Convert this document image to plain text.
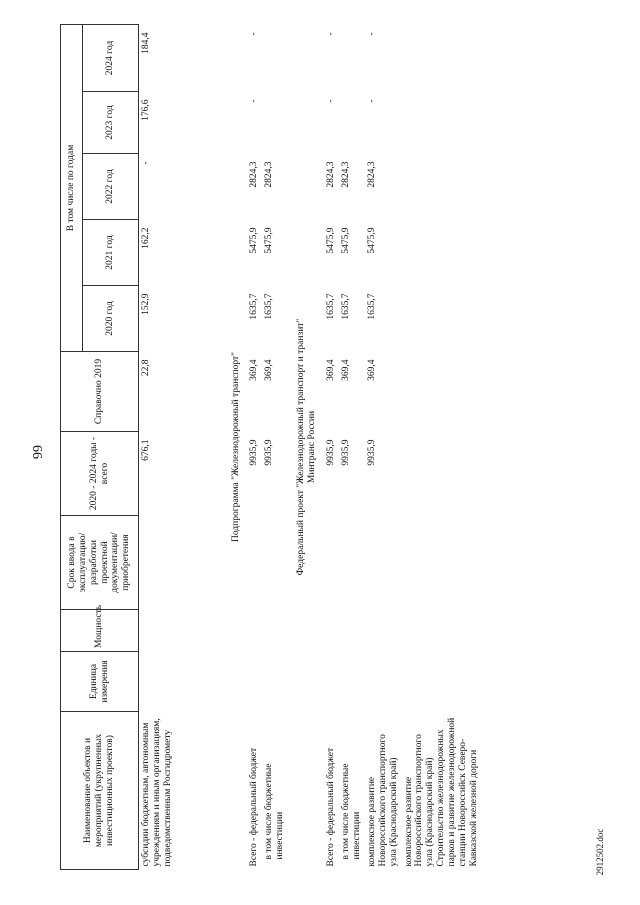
66
2912502.doc
Наименование объектов и мероприятий (укрупненных инвестиционных проектов)	Единица измерения	Мощность	Срок ввода в эксплуатацию/ разработки проектной документации/ приобретения	2020 - 2024 годы - всего	Справочно 2019	В том числе по годам				
						2020 год	2021 год	2022 год	2023 год	2024 год
субсидии бюджетным, автономным учреждениям и иным организациям, подведомственным Росгидромету				676,1	22,8	152,9	162,2	-	176,6	184,4
Подпрограмма "Железнодорожный транспорт"										
Всего - федеральный бюджет				9935,9	369,4	1635,7	5475,9	2824,3	-	-
в том числе бюджетные инвестиции				9935,9	369,4	1635,7	5475,9	2824,3		
Федеральный проект "Железнодорожный транспорт и транзит"										
Минтранс России										
Всего - федеральный бюджет				9935,9	369,4	1635,7	5475,9	2824,3	-	-
в том числе бюджетные инвестиции				9935,9	369,4	1635,7	5475,9	2824,3		
комплексное развитие Новороссийского транспортного узла (Краснодарский край)				9935,9	369,4	1635,7	5475,9	2824,3	-	-
комплексное развитие Новороссийского транспортного узла (Краснодарский край) Строительство железнодорожных парков и развитие железнодорожной станции Новороссийск Северо-Кавказской железной дороги										
